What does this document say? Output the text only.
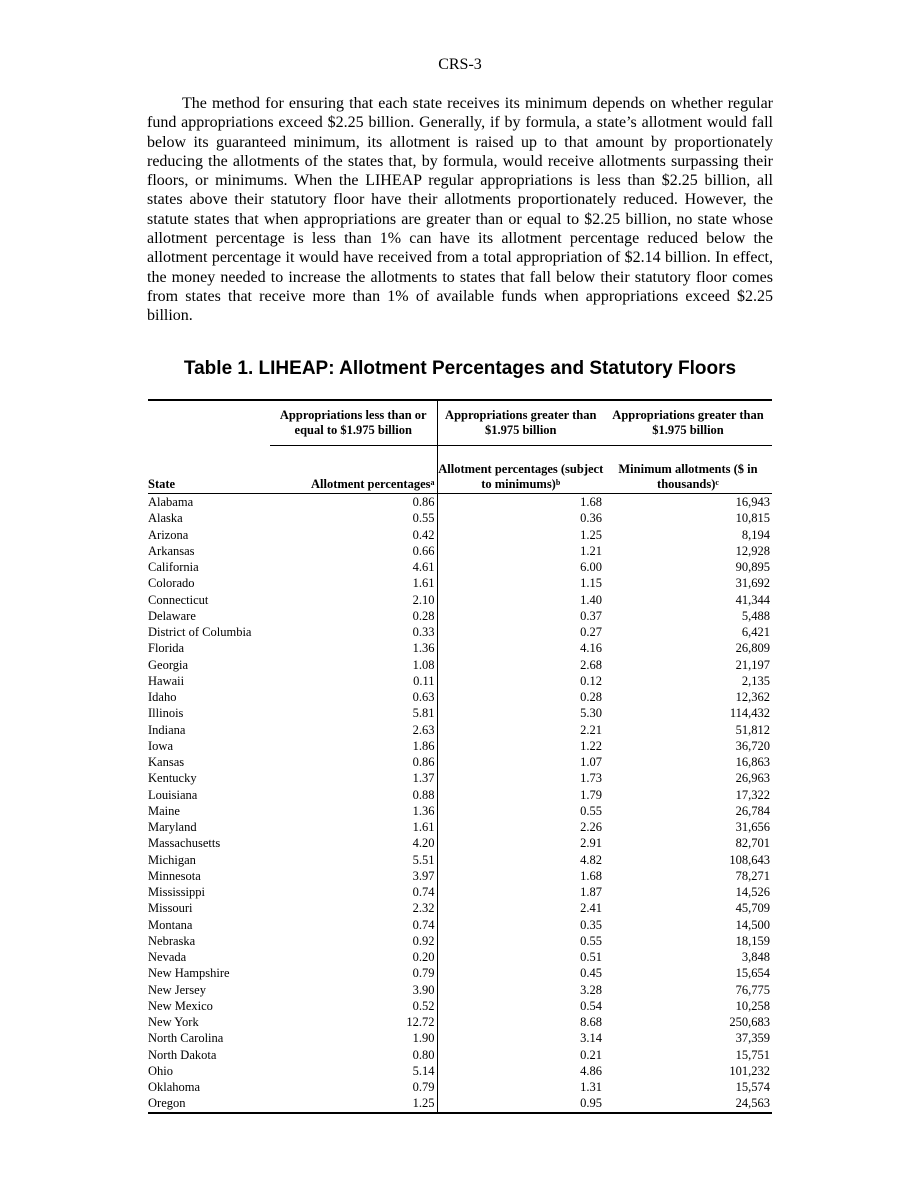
CRS-3

The method for ensuring that each state receives its minimum depends on whether regular fund appropriations exceed $2.25 billion. Generally, if by formula, a state’s allotment would fall below its guaranteed minimum, its allotment is raised up to that amount by proportionately reducing the allotments of the states that, by formula, would receive allotments surpassing their floors, or minimums. When the LIHEAP regular appropriations is less than $2.25 billion, all states above their statutory floor have their allotments proportionately reduced. However, the statute states that when appropriations are greater than or equal to $2.25 billion, no state whose allotment percentage is less than 1% can have its allotment percentage reduced below the allotment percentage it would have received from a total appropriation of $2.14 billion. In effect, the money needed to increase the allotments to states that fall below their statutory floor comes from states that receive more than 1% of available funds when appropriations exceed $2.25 billion.

Table 1. LIHEAP: Allotment Percentages and Statutory Floors
	Appropriations less than or equal to $1.975 billion	Appropriations greater than $1.975 billion	Appropriations greater than $1.975 billion
State	Allotment percentages$^a$	Allotment percentages (subject to minimums)$^b$	Minimum allotments ($ in thousands)$^c$
Alabama	0.86	1.68	16,943
Alaska	0.55	0.36	10,815
Arizona	0.42	1.25	8,194
Arkansas	0.66	1.21	12,928
California	4.61	6.00	90,895
Colorado	1.61	1.15	31,692
Connecticut	2.10	1.40	41,344
Delaware	0.28	0.37	5,488
District of Columbia	0.33	0.27	6,421
Florida	1.36	4.16	26,809
Georgia	1.08	2.68	21,197
Hawaii	0.11	0.12	2,135
Idaho	0.63	0.28	12,362
Illinois	5.81	5.30	114,432
Indiana	2.63	2.21	51,812
Iowa	1.86	1.22	36,720
Kansas	0.86	1.07	16,863
Kentucky	1.37	1.73	26,963
Louisiana	0.88	1.79	17,322
Maine	1.36	0.55	26,784
Maryland	1.61	2.26	31,656
Massachusetts	4.20	2.91	82,701
Michigan	5.51	4.82	108,643
Minnesota	3.97	1.68	78,271
Mississippi	0.74	1.87	14,526
Missouri	2.32	2.41	45,709
Montana	0.74	0.35	14,500
Nebraska	0.92	0.55	18,159
Nevada	0.20	0.51	3,848
New Hampshire	0.79	0.45	15,654
New Jersey	3.90	3.28	76,775
New Mexico	0.52	0.54	10,258
New York	12.72	8.68	250,683
North Carolina	1.90	3.14	37,359
North Dakota	0.80	0.21	15,751
Ohio	5.14	4.86	101,232
Oklahoma	0.79	1.31	15,574
Oregon	1.25	0.95	24,563
